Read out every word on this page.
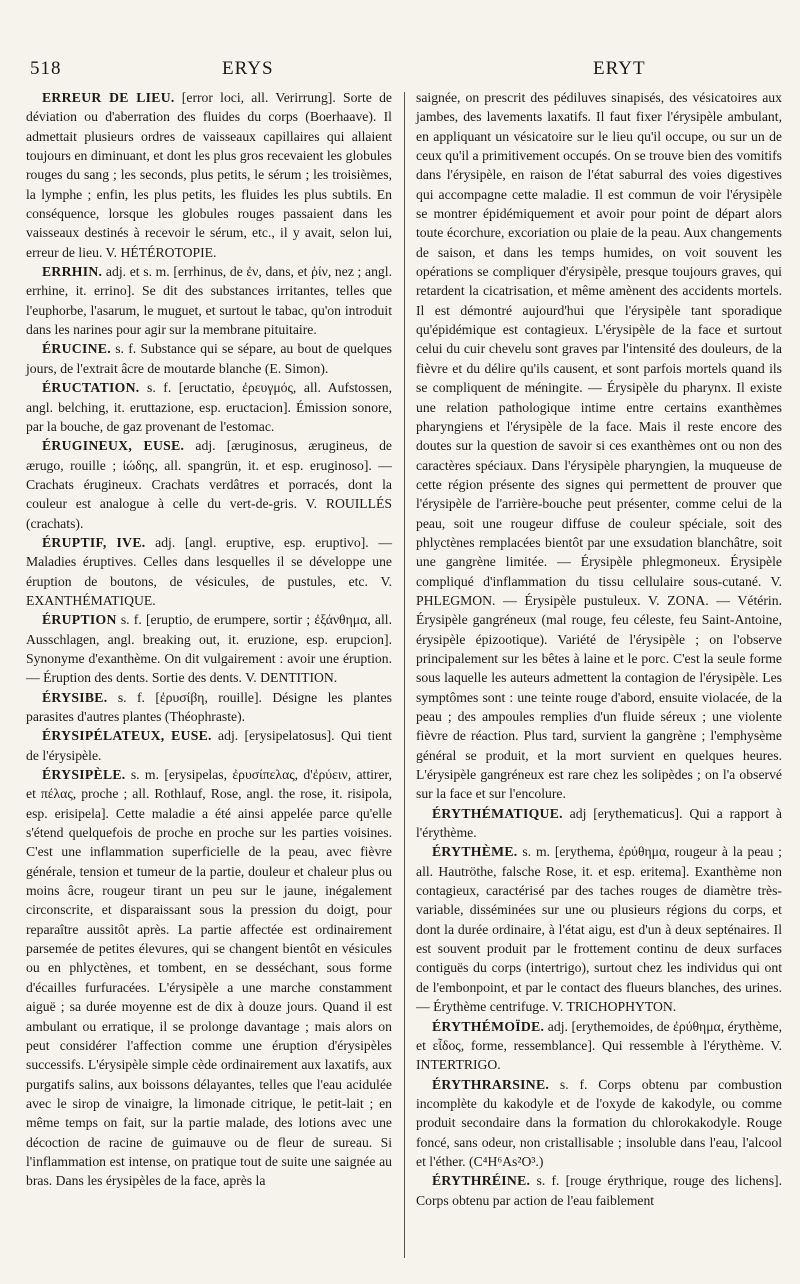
518	ERYS	ERYT

ERREUR DE LIEU. [error loci, all. Verirrung]. Sorte de déviation ou d'aberration des fluides du corps (Boerhaave). Il admettait plusieurs ordres de vaisseaux capillaires qui allaient toujours en diminuant, et dont les plus gros recevaient les globules rouges du sang ; les seconds, plus petits, le sérum ; les troisièmes, la lymphe ; enfin, les plus petits, les fluides les plus subtils. En conséquence, lorsque les globules rouges passaient dans les vaisseaux destinés à recevoir le sérum, etc., il y avait, selon lui, erreur de lieu. V. HÉTÉROTOPIE.

ERRHIN. adj. et s. m. [errhinus, de ἐν, dans, et ῥίν, nez ; angl. errhine, it. errino]. Se dit des substances irritantes, telles que l'euphorbe, l'asarum, le muguet, et surtout le tabac, qu'on introduit dans les narines pour agir sur la membrane pituitaire.

ÉRUCINE. s. f. Substance qui se sépare, au bout de quelques jours, de l'extrait âcre de moutarde blanche (E. Simon).

ÉRUCTATION. s. f. [eructatio, ἐρευγμός, all. Aufstossen, angl. belching, it. eruttazione, esp. eructacion]. Émission sonore, par la bouche, de gaz provenant de l'estomac.

ÉRUGINEUX, EUSE. adj. [æruginosus, ærugineus, de ærugo, rouille ; ἰώδης, all. spangrün, it. et esp. eruginoso]. — Crachats érugineux. Crachats verdâtres et porracés, dont la couleur est analogue à celle du vert-de-gris. V. ROUILLÉS (crachats).

ÉRUPTIF, IVE. adj. [angl. eruptive, esp. eruptivo]. — Maladies éruptives. Celles dans lesquelles il se développe une éruption de boutons, de vésicules, de pustules, etc. V. EXANTHÉMATIQUE.

ÉRUPTION s. f. [eruptio, de erumpere, sortir ; ἐξάνθημα, all. Ausschlagen, angl. breaking out, it. eruzione, esp. erupcion]. Synonyme d'exanthème. On dit vulgairement : avoir une éruption. — Éruption des dents. Sortie des dents. V. DENTITION.

ÉRYSIBE. s. f. [ἐρυσίβη, rouille]. Désigne les plantes parasites d'autres plantes (Théophraste).

ÉRYSIPÉLATEUX, EUSE. adj. [erysipelatosus]. Qui tient de l'érysipèle.

ÉRYSIPÈLE. s. m. [erysipelas, ἐρυσίπελας, d'ἐρύειν, attirer, et πέλας, proche ; all. Rothlauf, Rose, angl. the rose, it. risipola, esp. erisipela]. Cette maladie a été ainsi appelée parce qu'elle s'étend quelquefois de proche en proche sur les parties voisines. C'est une inflammation superficielle de la peau, avec fièvre générale, tension et tumeur de la partie, douleur et chaleur plus ou moins âcre, rougeur tirant un peu sur le jaune, inégalement circonscrite, et disparaissant sous la pression du doigt, pour reparaître aussitôt après. La partie affectée est ordinairement parsemée de petites élevures, qui se changent bientôt en vésicules ou en phlyctènes, et tombent, en se desséchant, sous forme d'écailles furfuracées. L'érysipèle a une marche constamment aiguë ; sa durée moyenne est de dix à douze jours. Quand il est ambulant ou erratique, il se prolonge davantage ; mais alors on peut considérer l'affection comme une éruption d'érysipèles successifs. L'érysipèle simple cède ordinairement aux laxatifs, aux purgatifs salins, aux boissons délayantes, telles que l'eau acidulée avec le sirop de vinaigre, la limonade citrique, le petit-lait ; en même temps on fait, sur la partie malade, des lotions avec une décoction de racine de guimauve ou de fleur de sureau. Si l'inflammation est intense, on pratique tout de suite une saignée au bras. Dans les érysipèles de la face, après la

saignée, on prescrit des pédiluves sinapisés, des vésicatoires aux jambes, des lavements laxatifs. Il faut fixer l'érysipèle ambulant, en appliquant un vésicatoire sur le lieu qu'il occupe, ou sur un de ceux qu'il a primitivement occupés. On se trouve bien des vomitifs dans l'érysipèle, en raison de l'état saburral des voies digestives qui accompagne cette maladie. Il est commun de voir l'érysipèle se montrer épidémiquement et avoir pour point de départ alors toute écorchure, excoriation ou plaie de la peau. Aux changements de saison, et dans les temps humides, on voit souvent les opérations se compliquer d'érysipèle, presque toujours graves, qui retardent la cicatrisation, et même amènent des accidents mortels. Il est démontré aujourd'hui que l'érysipèle tant sporadique qu'épidémique est contagieux. L'érysipèle de la face et surtout celui du cuir chevelu sont graves par l'intensité des douleurs, de la fièvre et du délire qu'ils causent, et sont parfois mortels quand ils se compliquent de méningite. — Érysipèle du pharynx. Il existe une relation pathologique intime entre certains exanthèmes pharyngiens et l'érysipèle de la face. Mais il reste encore des doutes sur la question de savoir si ces exanthèmes ont ou non des caractères spéciaux. Dans l'érysipèle pharyngien, la muqueuse de cette région présente des signes qui permettent de prouver que l'érysipèle de l'arrière-bouche peut présenter, comme celui de la peau, soit une rougeur diffuse de couleur spéciale, soit des phlyctènes remplacées bientôt par une exsudation blanchâtre, soit une gangrène limitée. — Érysipèle phlegmoneux. Érysipèle compliqué d'inflammation du tissu cellulaire sous-cutané. V. PHLEGMON. — Érysipèle pustuleux. V. ZONA. — Vétérin. Érysipèle gangréneux (mal rouge, feu céleste, feu Saint-Antoine, érysipèle épizootique). Variété de l'érysipèle ; on l'observe principalement sur les bêtes à laine et le porc. C'est la seule forme sous laquelle les auteurs admettent la contagion de l'érysipèle. Les symptômes sont : une teinte rouge d'abord, ensuite violacée, de la peau ; des ampoules remplies d'un fluide séreux ; une violente fièvre de réaction. Plus tard, survient la gangrène ; l'emphysème général se produit, et la mort survient en quelques heures. L'érysipèle gangréneux est rare chez les solipèdes ; on l'a observé sur la face et sur l'encolure.

ÉRYTHÉMATIQUE. adj [erythematicus]. Qui a rapport à l'érythème.

ÉRYTHÈME. s. m. [erythema, ἐρύθημα, rougeur à la peau ; all. Hautröthe, falsche Rose, it. et esp. eritema]. Exanthème non contagieux, caractérisé par des taches rouges de diamètre très-variable, disséminées sur une ou plusieurs régions du corps, et dont la durée ordinaire, à l'état aigu, est d'un à deux septénaires. Il est souvent produit par le frottement continu de deux surfaces contiguës du corps (intertrigo), surtout chez les individus qui ont de l'embonpoint, et par le contact des flueurs blanches, des urines. — Érythème centrifuge. V. TRICHOPHYTON.

ÉRYTHÉMOÏDE. adj. [erythemoides, de ἐρύθημα, érythème, et εἶδος, forme, ressemblance]. Qui ressemble à l'érythème. V. INTERTRIGO.

ÉRYTHRARSINE. s. f. Corps obtenu par combustion incomplète du kakodyle et de l'oxyde de kakodyle, ou comme produit secondaire dans la formation du chlorokakodyle. Rouge foncé, sans odeur, non cristallisable ; insoluble dans l'eau, l'alcool et l'éther. (C⁴H⁶As²O³.)

ÉRYTHRÉINE. s. f. [rouge érythrique, rouge des lichens]. Corps obtenu par action de l'eau faiblement
